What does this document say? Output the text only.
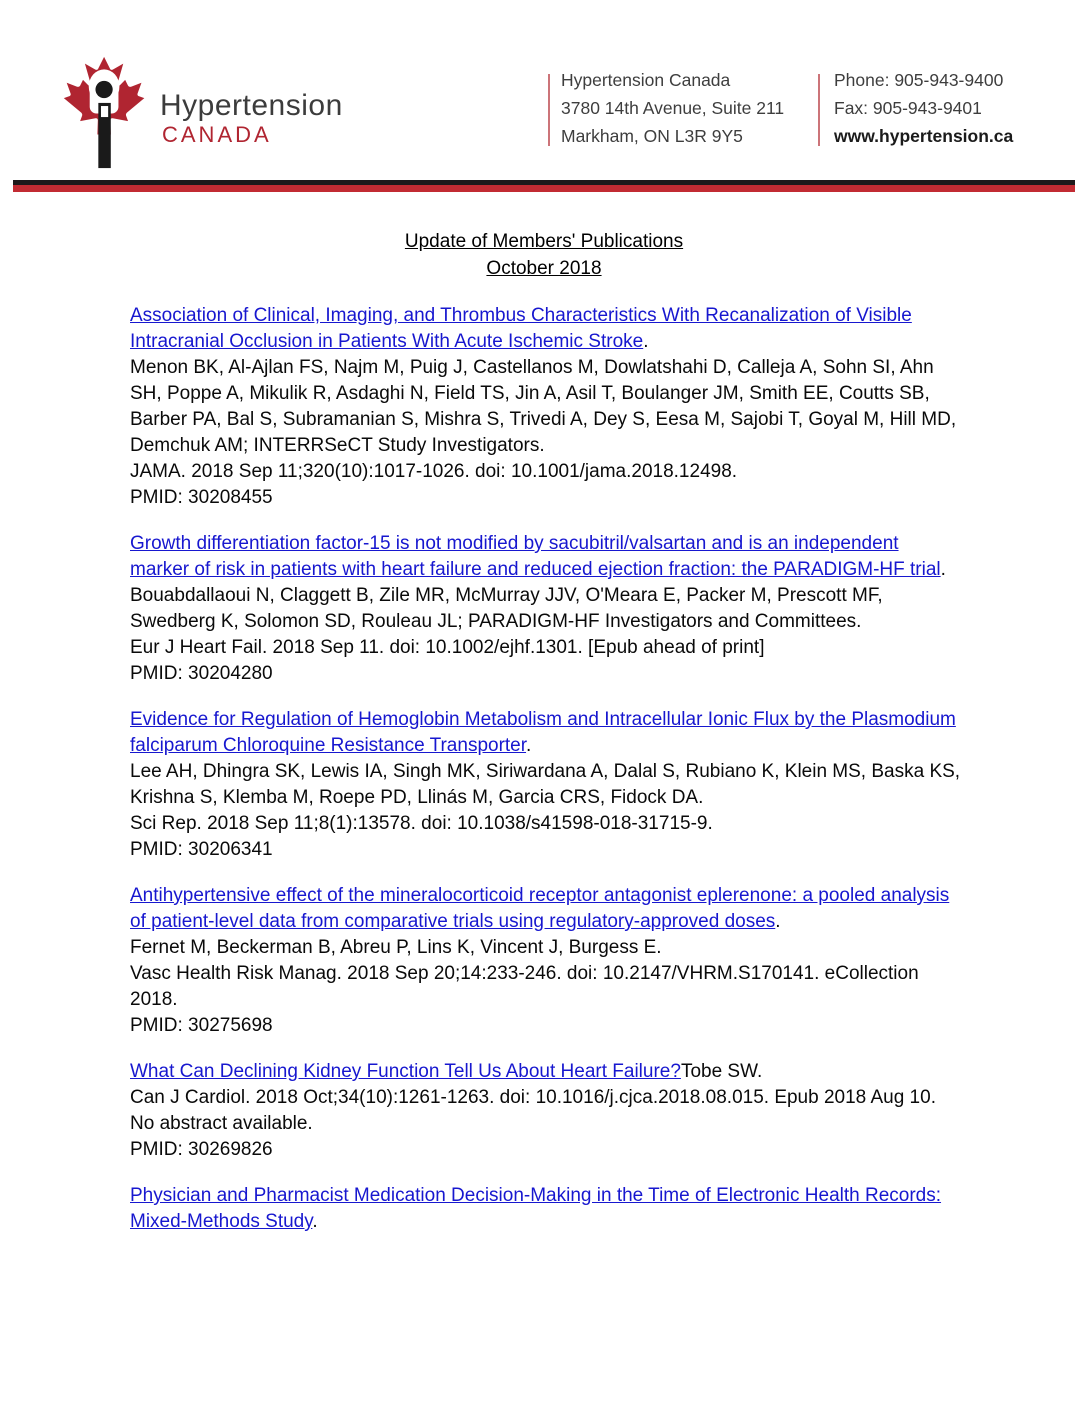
Hypertension
CANADA
Hypertension Canada
3780 14th Avenue, Suite 211
Markham, ON L3R 9Y5
Phone: 905-943-9400
Fax: 905-943-9401
www.hypertension.ca
Update of Members' Publications
October 2018

Association of Clinical, Imaging, and Thrombus Characteristics With Recanalization of Visible Intracranial Occlusion in Patients With Acute Ischemic Stroke.

Menon BK, Al-Ajlan FS, Najm M, Puig J, Castellanos M, Dowlatshahi D, Calleja A, Sohn SI, Ahn SH, Poppe A, Mikulik R, Asdaghi N, Field TS, Jin A, Asil T, Boulanger JM, Smith EE, Coutts SB, Barber PA, Bal S, Subramanian S, Mishra S, Trivedi A, Dey S, Eesa M, Sajobi T, Goyal M, Hill MD, Demchuk AM; INTERRSeCT Study Investigators.
JAMA. 2018 Sep 11;320(10):1017-1026. doi: 10.1001/jama.2018.12498.
PMID: 30208455

Growth differentiation factor-15 is not modified by sacubitril/valsartan and is an independent marker of risk in patients with heart failure and reduced ejection fraction: the PARADIGM-HF trial.

Bouabdallaoui N, Claggett B, Zile MR, McMurray JJV, O'Meara E, Packer M, Prescott MF, Swedberg K, Solomon SD, Rouleau JL; PARADIGM-HF Investigators and Committees.
Eur J Heart Fail. 2018 Sep 11. doi: 10.1002/ejhf.1301. [Epub ahead of print]
PMID: 30204280

Evidence for Regulation of Hemoglobin Metabolism and Intracellular Ionic Flux by the Plasmodium falciparum Chloroquine Resistance Transporter.

Lee AH, Dhingra SK, Lewis IA, Singh MK, Siriwardana A, Dalal S, Rubiano K, Klein MS, Baska KS, Krishna S, Klemba M, Roepe PD, Llinás M, Garcia CRS, Fidock DA.
Sci Rep. 2018 Sep 11;8(1):13578. doi: 10.1038/s41598-018-31715-9.
PMID: 30206341

Antihypertensive effect of the mineralocorticoid receptor antagonist eplerenone: a pooled analysis of patient-level data from comparative trials using regulatory-approved doses.

Fernet M, Beckerman B, Abreu P, Lins K, Vincent J, Burgess E.
Vasc Health Risk Manag. 2018 Sep 20;14:233-246. doi: 10.2147/VHRM.S170141. eCollection 2018.
PMID: 30275698

What Can Declining Kidney Function Tell Us About Heart Failure?Tobe SW.

Can J Cardiol. 2018 Oct;34(10):1261-1263. doi: 10.1016/j.cjca.2018.08.015. Epub 2018 Aug 10. No abstract available.
PMID: 30269826

Physician and Pharmacist Medication Decision-Making in the Time of Electronic Health Records: Mixed-Methods Study.
